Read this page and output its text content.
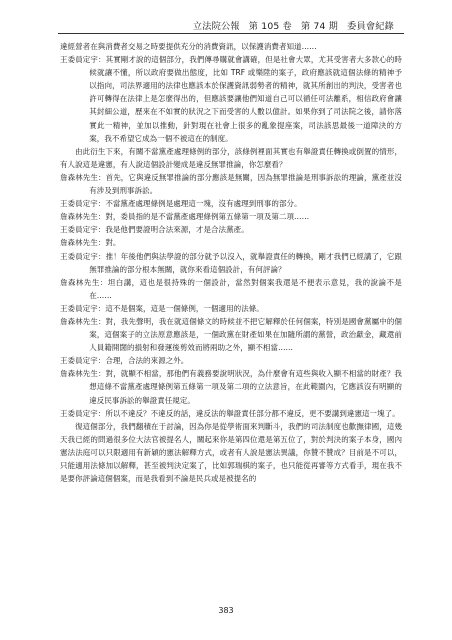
立法院公報 第 105 卷 第 74 期 委員會紀錄

違經營者在與消費者交易之時要提供充分的消費資訊，以保護消費者知道……

王委員定宇：其實剛才說的這個部分，我們傳尋購就會講確，但是社會大眾，尤其受害者大多款心的時候就讓不懂，所以政府要做出態度，比如 TRF 或樂陞的案子，政府應該就這個法條的精神予以指向，司法界適用的法律也應該本於保護資訊弱勢者的精神，就其所創出的判決，受害者也許可轉得在法律上是怎麼得出的，但應該要讓他們知道自己可以循任可法離系，相信政府會讓其封細公道，歷來在不如實的狀況之下而受害的人數以億計。如果你到了司法院之後，請你落實此一精神，並加以推動，針對現在社會上很多的亂象提座案，司法該思最後一道障決的方案，我不希望它成為一個不被這在的制度。

由此衍生下來，有關不當黨產處理條例的部分，該條例裡面其實也有舉證責任轉換或倒置的情形，有人說這是違憲，有人說這個設計變成是違反無罪推論，你怎麼看？

詹森林先生：首先，它與違反無罪推論的部分應該是無關，因為無罪推論是刑事訴訟的理論，黨產並沒有涉及到刑事訴訟。

王委員定宇：不當黨產處理條例是處理這一塊，沒有處理到刑事的部分。

詹森林先生：對，委員指的是不當黨產處理條例第五條第一項及第二項……

王委員定宇：我是他們要證明合法來源，才是合法黨產。

詹森林先生：對。

王委員定宇：推！年後他們與法學證的部分就予以沒入，就舉證責任的轉換，剛才我們已經講了，它跟無罪推論的部分根本無關，就你來看這個設計，有何評論？

詹森林先生：坦白講，這也是很持殊的一個設計，當然對個案我還是不便表示意見，我的說論不是在……

王委員定宇：這不是個案，這是一個條例，一個適用的法條。

詹森林先生：對，我先聲明，我在就這個條文的時候並不把它解釋於任何個案，特別是國會黨屬中的個案，這個案子的立法原意應該是，一個政黨在財產如果在加隨所謂的黨營，政治獻金，藏還前人員籍開闊的損射和發運後剪效而將兩助之外，顯不相當……

王委員定宇：合理，合法的來源之外。

詹森林先生：對，就顯不相當，那他們有義務要說明狀況，為什麼會有這些與收入顯不相當的財產？我想這條不當黨產處理條例第五條第一項及第二項的立法意旨，在此範圍內，它應該沒有明顯的違反民事訴訟的舉證責任規定。

王委員定宇：所以不違反？不違反的話，違反法的舉證責任部分都不違反，更不要講到違憲這一塊了。

復這個部分，我們翻積在于討論，因為你是從學術面來判斷斗，我們的司法制度也歡撫律國，這幾天我已經的問過很多位大法官被提名人，關起來你是第四位還是第五位了，對於判決的案子本身，國內憲法法庭可以只限適用有新穎的憲法解釋方式，或者有人說是憲法異議，你贊不贊成？目前是不可以，只能適用法條加以解釋，甚至被判決定案了，比如郭瑞棋的案子，也只能從再審等方式看手，現在我不是要你評論這個個案，而是我看到不論是民兵或是被提名的

383
